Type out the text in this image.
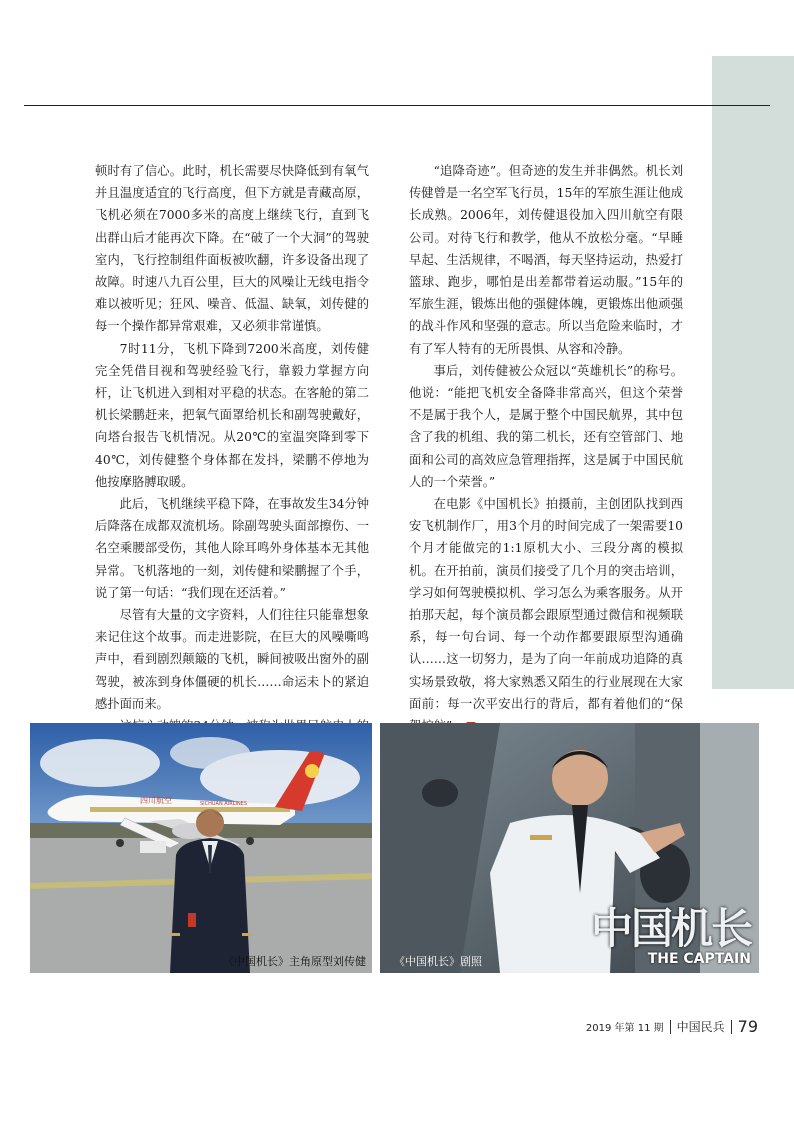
顿时有了信心。此时，机长需要尽快降低到有氧气并且温度适宜的飞行高度，但下方就是青藏高原，飞机必须在7000多米的高度上继续飞行，直到飞出群山后才能再次下降。在“破了一个大洞”的驾驶室内，飞行控制组件面板被吹翻，许多设备出现了故障。时速八九百公里，巨大的风噪让无线电指令难以被听见；狂风、噪音、低温、缺氧，刘传健的每一个操作都异常艰难，又必须非常谨慎。

7时11分，飞机下降到7200米高度，刘传健完全凭借目视和驾驶经验飞行，靠毅力掌握方向杆，让飞机进入到相对平稳的状态。在客舱的第二机长梁鹏赶来，把氧气面罩给机长和副驾驶戴好，向塔台报告飞机情况。从20℃的室温突降到零下40℃，刘传健整个身体都在发抖，梁鹏不停地为他按摩胳膊取暖。

此后，飞机继续平稳下降，在事故发生34分钟后降落在成都双流机场。除副驾驶头面部擦伤、一名空乘腰部受伤，其他人除耳鸣外身体基本无其他异常。飞机落地的一刻，刘传健和梁鹏握了个手，说了第一句话：“我们现在还活着。”

尽管有大量的文字资料，人们往往只能靠想象来记住这个故事。而走进影院，在巨大的风噪嘶鸣声中，看到剧烈颠簸的飞机，瞬间被吸出窗外的副驾驶，被冻到身体僵硬的机长……命运未卜的紧迫感扑面而来。

“追降奇迹”。但奇迹的发生并非偶然。机长刘传健曾是一名空军飞行员，15年的军旅生涯让他成长成熟。2006年，刘传健退役加入四川航空有限公司。对待飞行和教学，他从不放松分毫。“早睡早起、生活规律，不喝酒，每天坚持运动，热爱打篮球、跑步，哪怕是出差都带着运动服。”15年的军旅生涯，锻炼出他的强健体魄，更锻炼出他顽强的战斗作风和坚强的意志。所以当危险来临时，才有了军人特有的无所畏惧、从容和冷静。

事后，刘传健被公众冠以“英雄机长”的称号。他说：“能把飞机安全备降非常高兴，但这个荣誉不是属于我个人，是属于整个中国民航界，其中包含了我的机组、我的第二机长，还有空管部门、地面和公司的高效应急管理指挥，这是属于中国民航人的一个荣誉。”

在电影《中国机长》拍摄前，主创团队找到西安飞机制作厂，用3个月的时间完成了一架需要10个月才能做完的1:1原机大小、三段分离的模拟机。在开拍前，演员们接受了几个月的突击培训，学习如何驾驶模拟机、学习怎么为乘客服务。从开拍那天起，每个演员都会跟原型通过微信和视频联系，每一句台词、每一个动作都要跟原型沟通确认……这一切努力，是为了向一年前成功追降的真实场景致敬，将大家熟悉又陌生的行业展现在大家面前：每一次平安出行的背后，都有着他们的“保

四川航空	SICHUAN AIRLINES
《中国机长》主角原型刘传健	《中国机长》剧照
中国机长
THE CAPTAIN
2019 年第 11 期 中国民兵 79
